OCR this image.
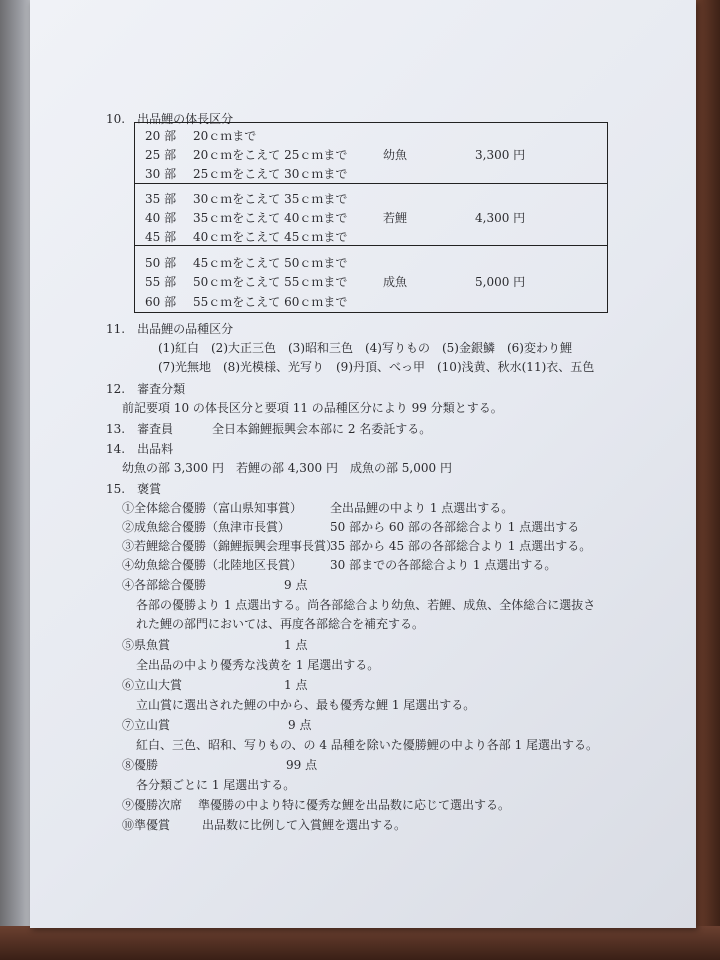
10.　出品鯉の体長区分
20 部 20ｃｍまで
25 部 20ｃｍをこえて 25ｃｍまで	幼魚	3,300 円
30 部 25ｃｍをこえて 30ｃｍまで
35 部 30ｃｍをこえて 35ｃｍまで
40 部 35ｃｍをこえて 40ｃｍまで	若鯉	4,300 円
45 部 40ｃｍをこえて 45ｃｍまで
50 部 45ｃｍをこえて 50ｃｍまで
55 部 50ｃｍをこえて 55ｃｍまで	成魚	5,000 円
60 部 55ｃｍをこえて 60ｃｍまで
11.　出品鯉の品種区分
(1)紅白　(2)大正三色　(3)昭和三色　(4)写りもの　(5)金銀鱗　(6)変わり鯉
(7)光無地　(8)光模様、光写り　(9)丹頂、べっ甲　(10)浅黄、秋水(11)衣、五色
12.　審査分類
前記要項 10 の体長区分と要項 11 の品種区分により 99 分類とする。
13.　審査員	全日本錦鯉振興会本部に 2 名委託する。
14.　出品料
幼魚の部 3,300 円　若鯉の部 4,300 円　成魚の部 5,000 円
15.　褒賞
①全体総合優勝（富山県知事賞） 全出品鯉の中より 1 点選出する。
②成魚総合優勝（魚津市長賞）	50 部から 60 部の各部総合より 1 点選出する
③若鯉総合優勝（錦鯉振興会理事長賞）
35 部から 45 部の各部総合より 1 点選出する。
④幼魚総合優勝（北陸地区長賞） 30 部までの各部総合より 1 点選出する。
④各部総合優勝	9 点
各部の優勝より 1 点選出する。尚各部総合より幼魚、若鯉、成魚、全体総合に選抜さ
れた鯉の部門においては、再度各部総合を補充する。
⑤県魚賞	1 点
全出品の中より優秀な浅黄を 1 尾選出する。
⑥立山大賞	1 点
立山賞に選出された鯉の中から、最も優秀な鯉 1 尾選出する。
⑦立山賞	9 点
紅白、三色、昭和、写りもの、の 4 品種を除いた優勝鯉の中より各部 1 尾選出する。
⑧優勝	99 点
各分類ごとに 1 尾選出する。
⑨優勝次席 準優勝の中より特に優秀な鯉を出品数に応じて選出する。
⑩準優賞	出品数に比例して入賞鯉を選出する。
